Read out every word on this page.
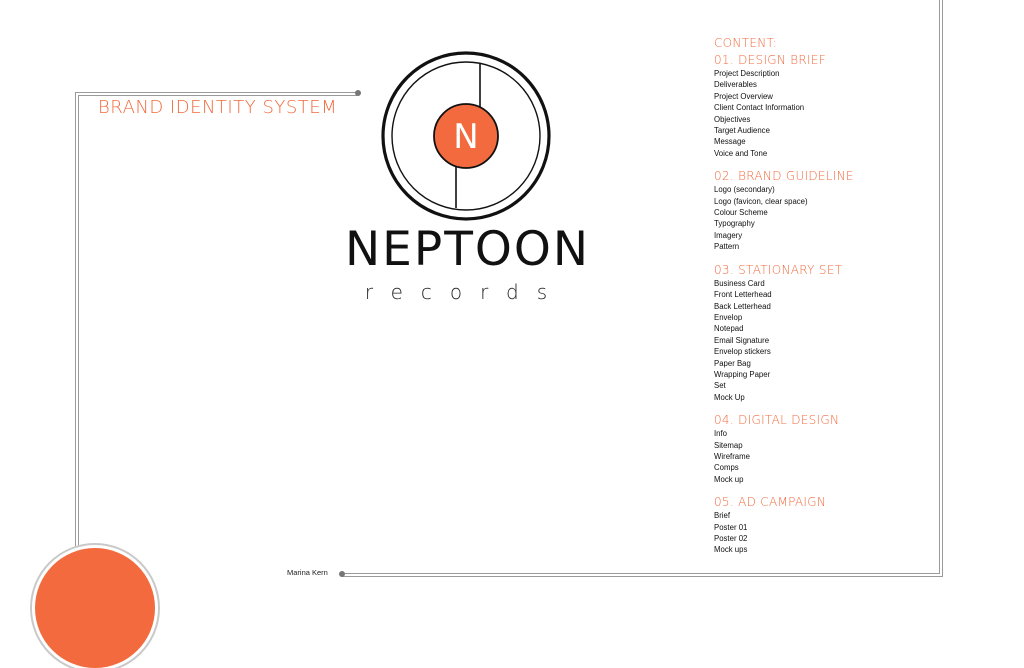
BRAND IDENTITY SYSTEM
N
NEPTOON
records
CONTENT:
01. DESIGN BRIEF
Project Description
Deliverables
Project Overview
Client Contact Information
Objectives
Target Audience
Message
Voice and Tone
02. BRAND GUIDELINE
Logo (secondary)
Logo (favicon, clear space)
Colour Scheme
Typography
Imagery
Pattern
03. STATIONARY SET
Business Card
Front Letterhead
Back Letterhead
Envelop
Notepad
Email Signature
Envelop stickers
Paper Bag
Wrapping Paper
Set
Mock Up
04. DIGITAL DESIGN
Info
Sitemap
Wireframe
Comps
Mock up
05. AD CAMPAIGN
Brief
Poster 01
Poster 02
Mock ups
Marina Kern
